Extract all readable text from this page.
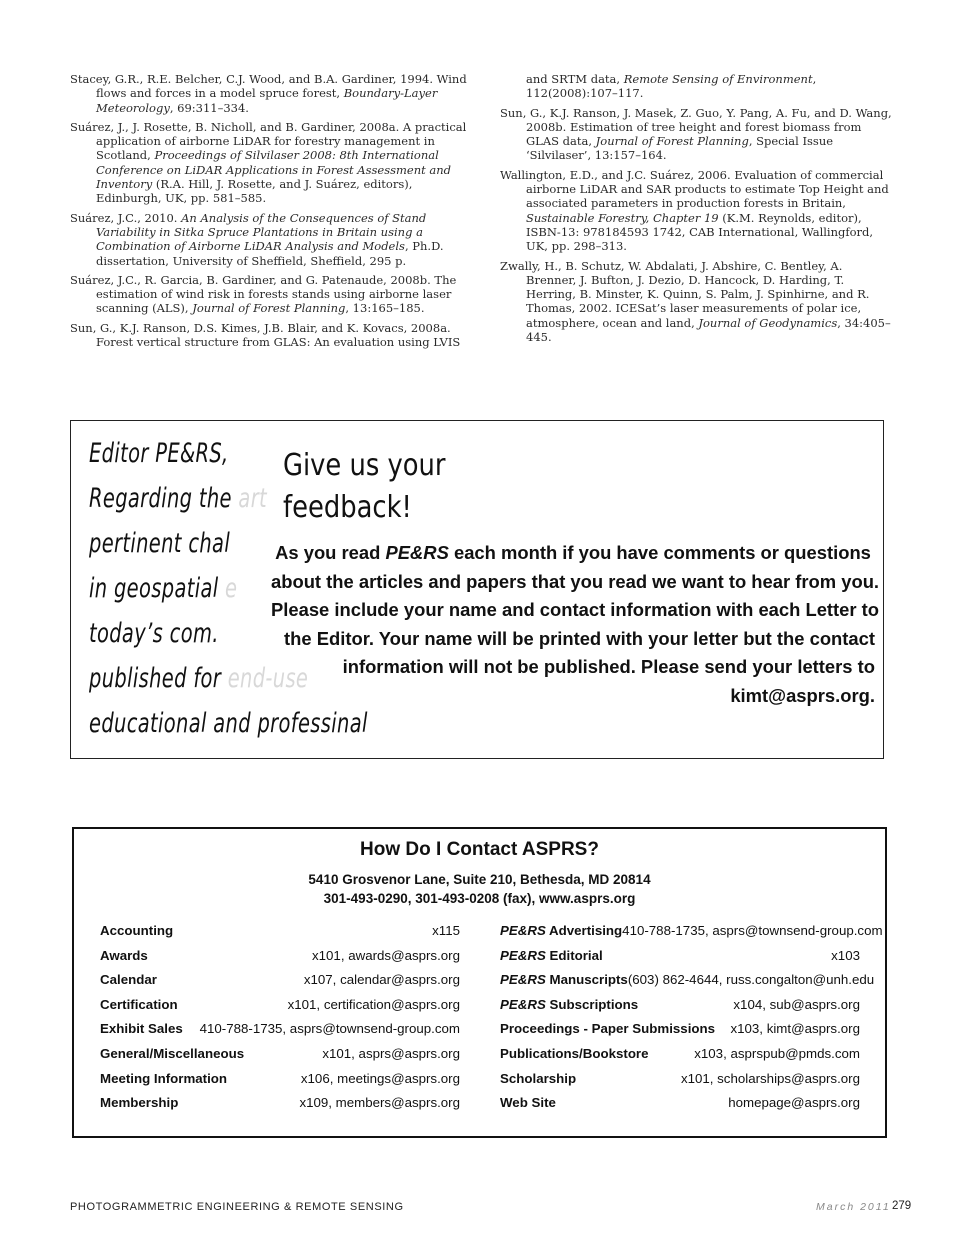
Stacey, G.R., R.E. Belcher, C.J. Wood, and B.A. Gardiner, 1994. Wind flows and forces in a model spruce forest, Boundary-Layer Meteorology, 69:311–334.
Suárez, J., J. Rosette, B. Nicholl, and B. Gardiner, 2008a. A practical application of airborne LiDAR for forestry management in Scotland, Proceedings of Silvilaser 2008: 8th International Conference on LiDAR Applications in Forest Assessment and Inventory (R.A. Hill, J. Rosette, and J. Suárez, editors), Edinburgh, UK, pp. 581–585.
Suárez, J.C., 2010. An Analysis of the Consequences of Stand Variability in Sitka Spruce Plantations in Britain using a Combination of Airborne LiDAR Analysis and Models, Ph.D. dissertation, University of Sheffield, Sheffield, 295 p.
Suárez, J.C., R. Garcia, B. Gardiner, and G. Patenaude, 2008b. The estimation of wind risk in forests stands using airborne laser scanning (ALS), Journal of Forest Planning, 13:165–185.
Sun, G., K.J. Ranson, D.S. Kimes, J.B. Blair, and K. Kovacs, 2008a. Forest vertical structure from GLAS: An evaluation using LVIS
and SRTM data, Remote Sensing of Environment, 112(2008):107–117.
Sun, G., K.J. Ranson, J. Masek, Z. Guo, Y. Pang, A. Fu, and D. Wang, 2008b. Estimation of tree height and forest biomass from GLAS data, Journal of Forest Planning, Special Issue ‘Silvilaser’, 13:157–164.
Wallington, E.D., and J.C. Suárez, 2006. Evaluation of commercial airborne LiDAR and SAR products to estimate Top Height and associated parameters in production forests in Britain, Sustainable Forestry, Chapter 19 (K.M. Reynolds, editor), ISBN-13: 978184593 1742, CAB International, Wallingford, UK, pp. 298–313.
Zwally, H., B. Schutz, W. Abdalati, J. Abshire, C. Bentley, A. Brenner, J. Bufton, J. Dezio, D. Hancock, D. Harding, T. Herring, B. Minster, K. Quinn, S. Palm, J. Spinhirne, and R. Thomas, 2002. ICESat’s laser measurements of polar ice, atmosphere, ocean and land, Journal of Geodynamics, 34:405–445.
Editor PE&RS,
Regarding the art
pertinent chal
in geospatial e
today’s com.
published for end-use
educational and professinal
Give us your
feedback!
As you read PE&RS each month if you have comments or questions
about the articles and papers that you read we want to hear from you.
Please include your name and contact information with each Letter to
the Editor. Your name will be printed with your letter but the contact
information will not be published. Please send your letters to
kimt@asprs.org.
How Do I Contact ASPRS?
5410 Grosvenor Lane, Suite 210, Bethesda, MD 20814
301-493-0290, 301-493-0208 (fax), www.asprs.org
Accounting	x115
Awards	x101, awards@asprs.org
Calendar	x107, calendar@asprs.org
Certification	x101, certification@asprs.org
Exhibit Sales 410-788-1735, asprs@townsend-group.com
General/Miscellaneous	x101, asprs@asprs.org
Meeting Information	x106, meetings@asprs.org
Membership	x109, members@asprs.org
PE&RS Advertising 410-788-1735, asprs@townsend-group.com
PE&RS Editorial	x103
PE&RS Manuscripts (603) 862-4644, russ.congalton@unh.edu
PE&RS Subscriptions	x104, sub@asprs.org
Proceedings - Paper Submissions x103, kimt@asprs.org
Publications/Bookstore	x103, asprspub@pmds.com
Scholarship	x101, scholarships@asprs.org
Web Site	homepage@asprs.org
PHOTOGRAMMETRIC ENGINEERING & REMOTE SENSING	March 2011 279
